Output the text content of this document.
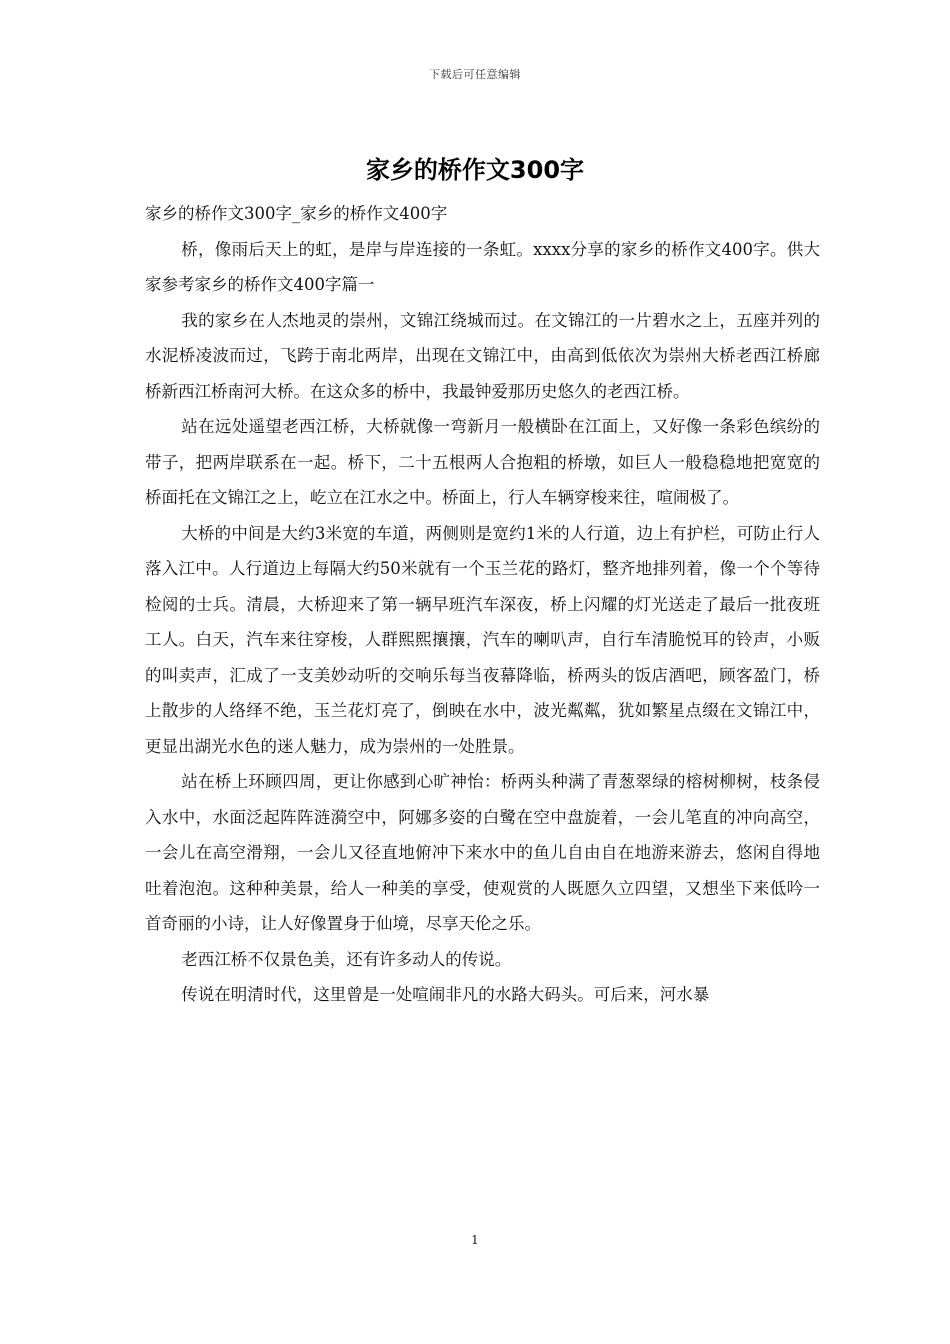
下载后可任意编辑
家乡的桥作文300字

家乡的桥作文300字_家乡的桥作文400字

桥，像雨后天上的虹，是岸与岸连接的一条虹。xxxx分享的家乡的桥作文400字。供大家参考家乡的桥作文400字篇一

我的家乡在人杰地灵的崇州，文锦江绕城而过。在文锦江的一片碧水之上，五座并列的水泥桥凌波而过，飞跨于南北两岸，出现在文锦江中，由高到低依次为崇州大桥老西江桥廊桥新西江桥南河大桥。在这众多的桥中，我最钟爱那历史悠久的老西江桥。

站在远处遥望老西江桥，大桥就像一弯新月一般横卧在江面上，又好像一条彩色缤纷的带子，把两岸联系在一起。桥下，二十五根两人合抱粗的桥墩，如巨人一般稳稳地把宽宽的桥面托在文锦江之上，屹立在江水之中。桥面上，行人车辆穿梭来往，喧闹极了。

大桥的中间是大约3米宽的车道，两侧则是宽约1米的人行道，边上有护栏，可防止行人落入江中。人行道边上每隔大约50米就有一个玉兰花的路灯，整齐地排列着，像一个个等待检阅的士兵。清晨，大桥迎来了第一辆早班汽车深夜，桥上闪耀的灯光送走了最后一批夜班工人。白天，汽车来往穿梭，人群熙熙攘攘，汽车的喇叭声，自行车清脆悦耳的铃声，小贩的叫卖声，汇成了一支美妙动听的交响乐每当夜幕降临，桥两头的饭店酒吧，顾客盈门，桥上散步的人络绎不绝，玉兰花灯亮了，倒映在水中，波光粼粼，犹如繁星点缀在文锦江中，更显出湖光水色的迷人魅力，成为崇州的一处胜景。

站在桥上环顾四周，更让你感到心旷神怡：桥两头种满了青葱翠绿的榕树柳树，枝条侵入水中，水面泛起阵阵涟漪空中，阿娜多姿的白鹭在空中盘旋着，一会儿笔直的冲向高空，一会儿在高空滑翔，一会儿又径直地俯冲下来水中的鱼儿自由自在地游来游去，悠闲自得地吐着泡泡。这种种美景，给人一种美的享受，使观赏的人既愿久立四望，又想坐下来低吟一首奇丽的小诗，让人好像置身于仙境，尽享天伦之乐。

老西江桥不仅景色美，还有许多动人的传说。

传说在明清时代，这里曾是一处喧闹非凡的水路大码头。可后来，河水暴

1
